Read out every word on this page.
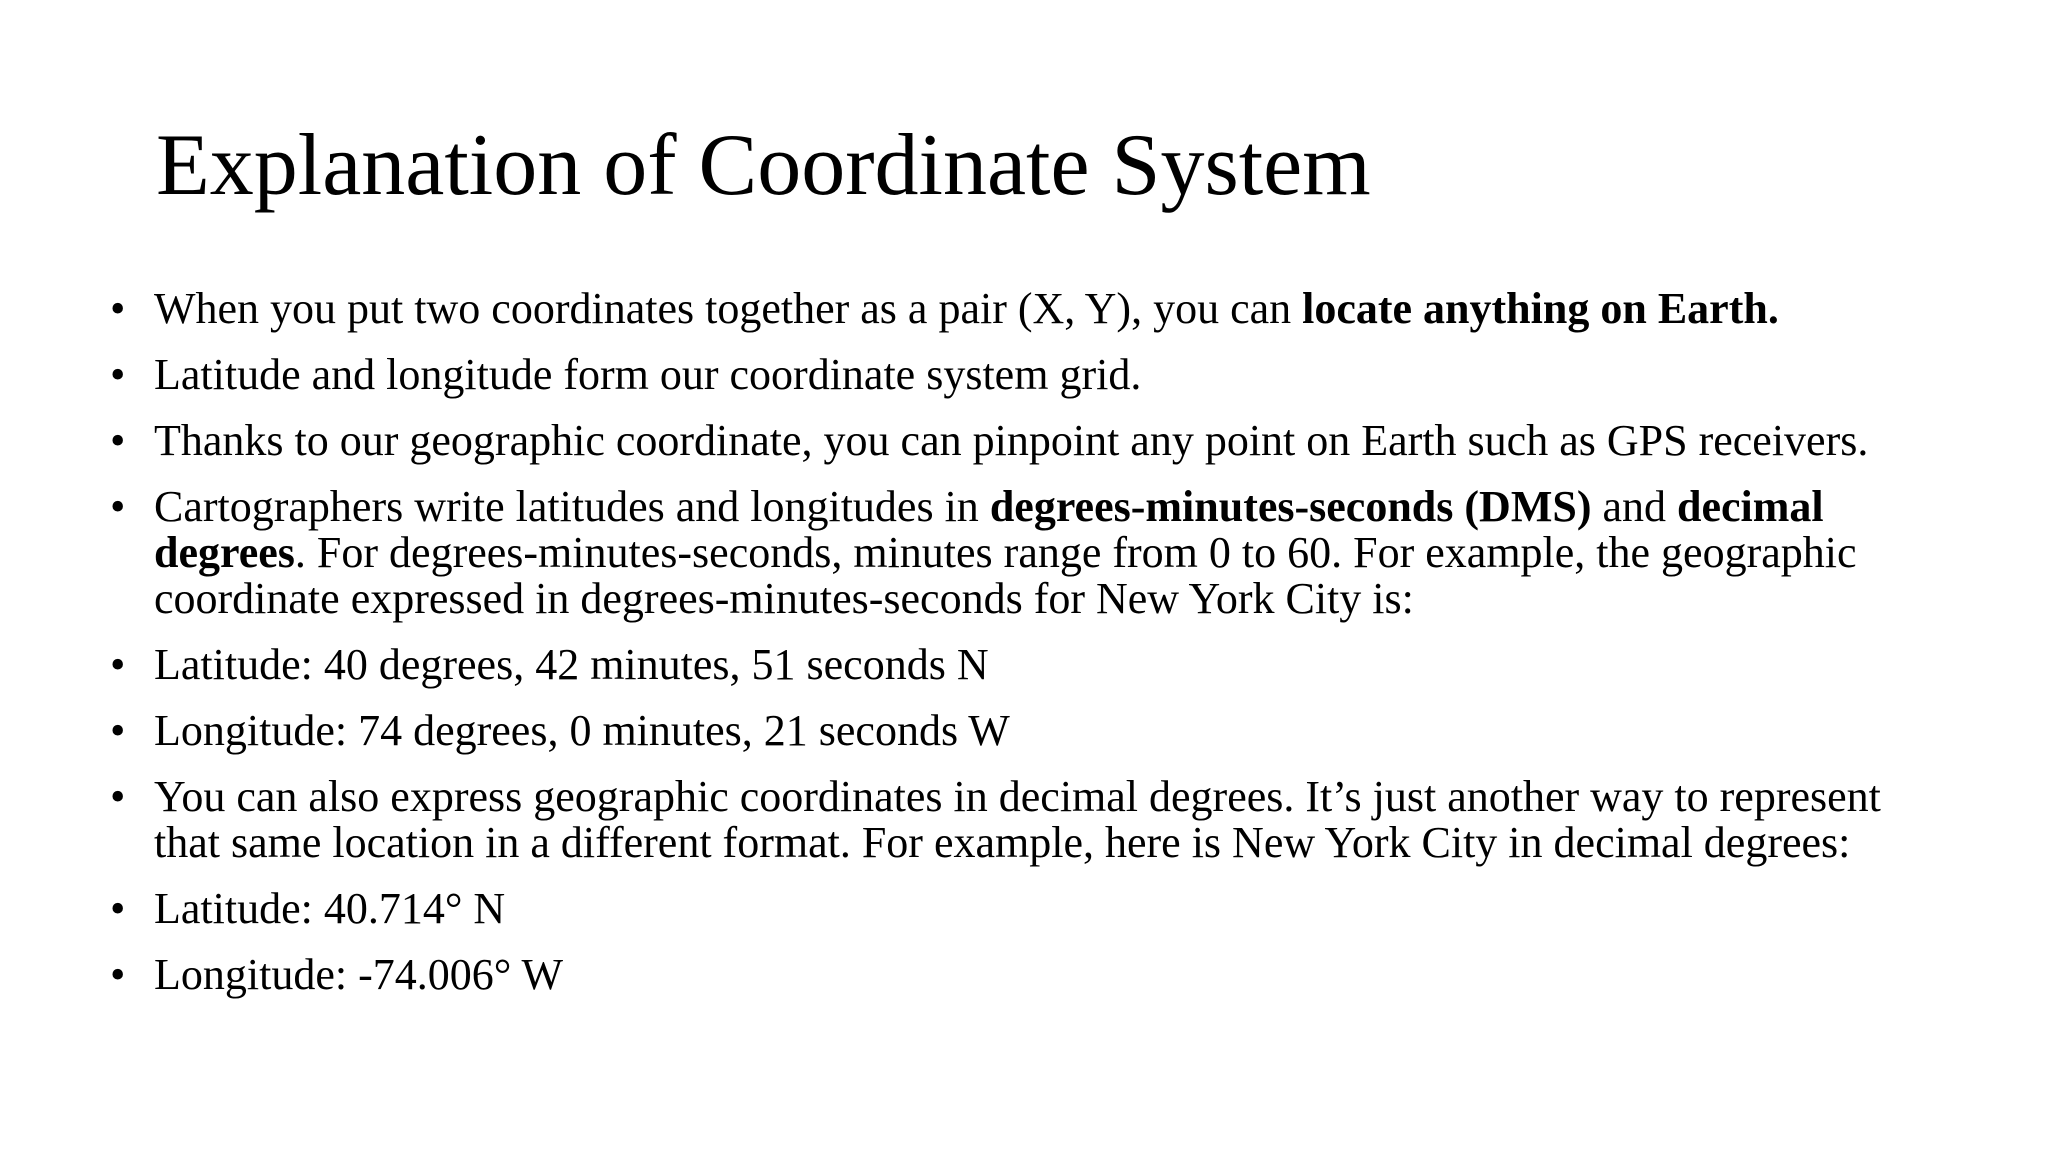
Explanation of Coordinate System
• When you put two coordinates together as a pair (X, Y), you can locate anything on Earth.
• Latitude and longitude form our coordinate system grid.
• Thanks to our geographic coordinate, you can pinpoint any point on Earth such as GPS receivers.
• Cartographers write latitudes and longitudes in degrees-minutes-seconds (DMS) and decimal degrees. For degrees-minutes-seconds, minutes range from 0 to 60. For example, the geographic coordinate expressed in degrees-minutes-seconds for New York City is:
• Latitude: 40 degrees, 42 minutes, 51 seconds N
• Longitude: 74 degrees, 0 minutes, 21 seconds W
• You can also express geographic coordinates in decimal degrees. It’s just another way to represent that same location in a different format. For example, here is New York City in decimal degrees:
• Latitude: 40.714° N
• Longitude: -74.006° W
